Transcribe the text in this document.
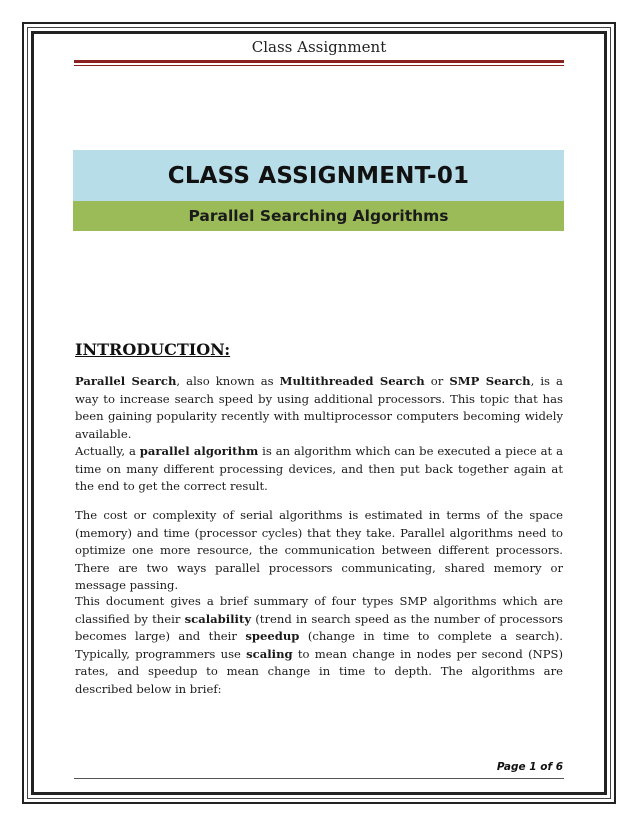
Class Assignment
CLASS ASSIGNMENT-01
Parallel Searching Algorithms
INTRODUCTION:
Parallel Search, also known as Multithreaded Search or SMP Search, is a way to increase search speed by using additional processors. This topic that has been gaining popularity recently with multiprocessor computers becoming widely available.
Actually, a parallel algorithm is an algorithm which can be executed a piece at a time on many different processing devices, and then put back together again at the end to get the correct result.
The cost or complexity of serial algorithms is estimated in terms of the space (memory) and time (processor cycles) that they take. Parallel algorithms need to optimize one more resource, the communication between different processors. There are two ways parallel processors communicating, shared memory or message passing.
This document gives a brief summary of four types SMP algorithms which are classified by their scalability (trend in search speed as the number of processors becomes large) and their speedup (change in time to complete a search). Typically, programmers use scaling to mean change in nodes per second (NPS) rates, and speedup to mean change in time to depth. The algorithms are described below in brief:
Page 1 of 6
